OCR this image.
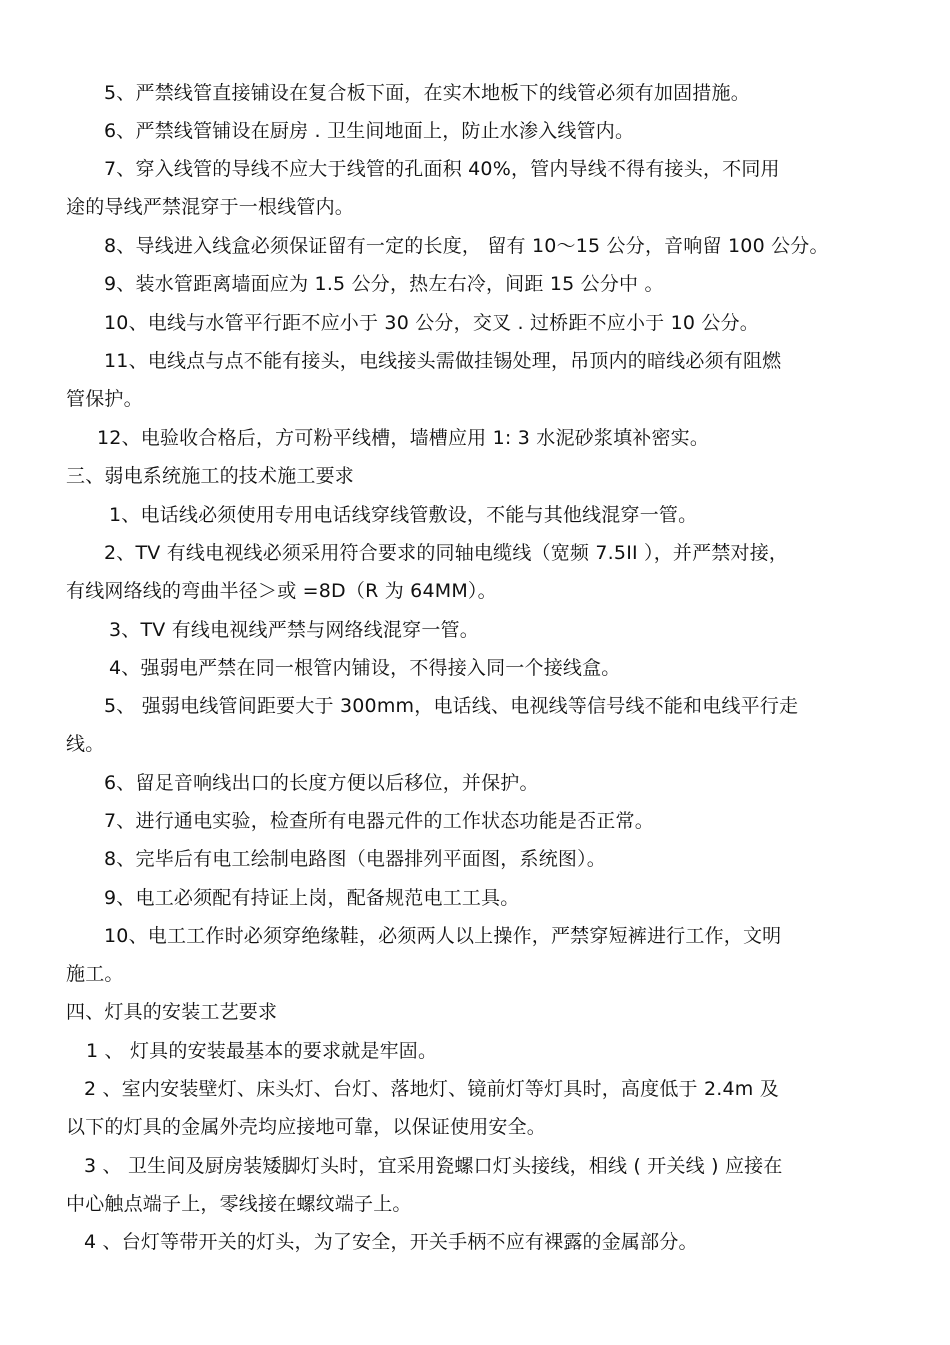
5、严禁线管直接铺设在复合板下面，在实木地板下的线管必须有加固措施。
6、严禁线管铺设在厨房 . 卫生间地面上，防止水渗入线管内。
7、穿入线管的导线不应大于线管的孔面积 40%，管内导线不得有接头，不同用
途的导线严禁混穿于一根线管内。
8、导线进入线盒必须保证留有一定的长度， 留有 10～15 公分，音响留 100 公分。
9、装水管距离墙面应为 1.5 公分，热左右冷，间距 15 公分中 。
10、电线与水管平行距不应小于 30 公分，交叉 . 过桥距不应小于 10 公分。
11、电线点与点不能有接头，电线接头需做挂锡处理，吊顶内的暗线必须有阻燃
管保护。
12、电验收合格后，方可粉平线槽，墙槽应用 1: 3 水泥砂浆填补密实。
三、弱电系统施工的技术施工要求
1、电话线必须使用专用电话线穿线管敷设，不能与其他线混穿一管。
2、TV 有线电视线必须采用符合要求的同轴电缆线（宽频 7.5II ），并严禁对接，
有线网络线的弯曲半径＞或 =8D（R 为 64MM）。
3、TV 有线电视线严禁与网络线混穿一管。
4、强弱电严禁在同一根管内铺设，不得接入同一个接线盒。
5、 强弱电线管间距要大于 300mm，电话线、电视线等信号线不能和电线平行走
线。
6、留足音响线出口的长度方便以后移位，并保护。
7、进行通电实验，检查所有电器元件的工作状态功能是否正常。
8、完毕后有电工绘制电路图（电器排列平面图，系统图）。
9、电工必须配有持证上岗，配备规范电工工具。
10、电工工作时必须穿绝缘鞋，必须两人以上操作，严禁穿短裤进行工作，文明
施工。
四、灯具的安装工艺要求
1 、 灯具的安装最基本的要求就是牢固。
2 、室内安装壁灯、床头灯、台灯、落地灯、镜前灯等灯具时，高度低于 2.4m 及
以下的灯具的金属外壳均应接地可靠，以保证使用安全。
3 、 卫生间及厨房装矮脚灯头时，宜采用瓷螺口灯头接线，相线 ( 开关线 ) 应接在
中心触点端子上，零线接在螺纹端子上。
4 、台灯等带开关的灯头，为了安全，开关手柄不应有裸露的金属部分。
